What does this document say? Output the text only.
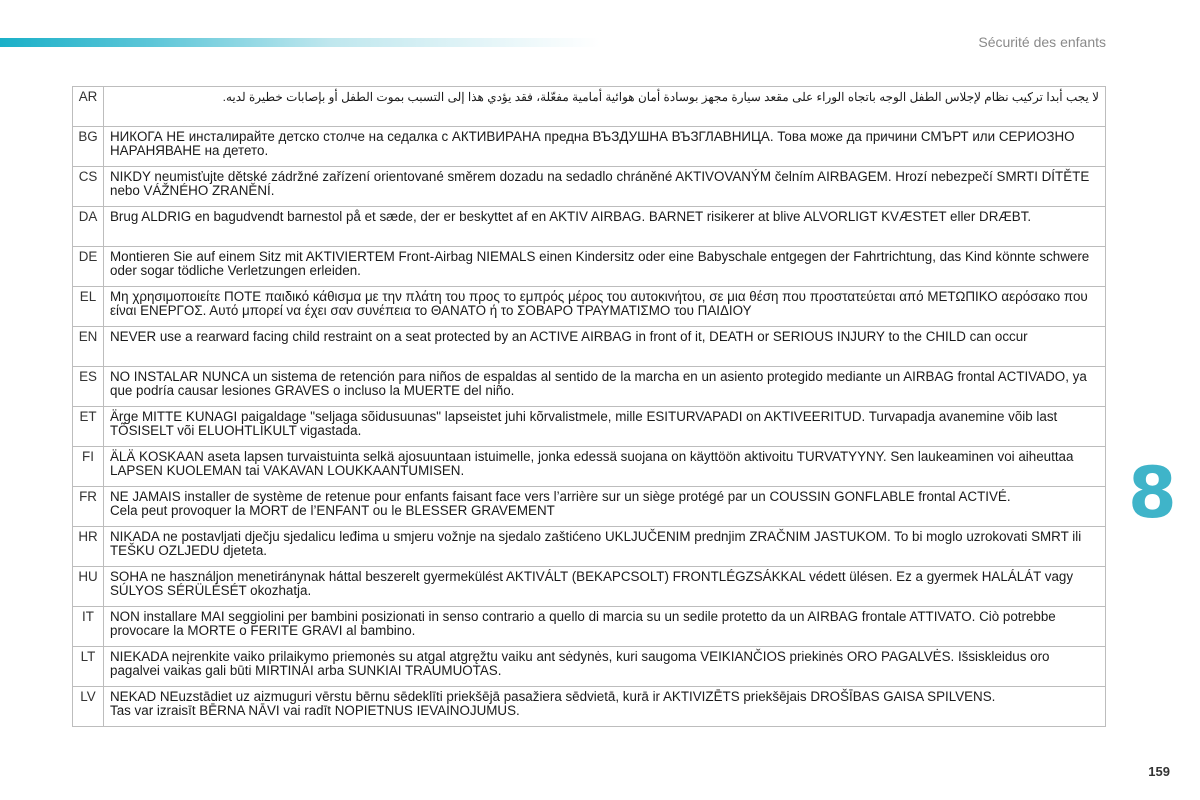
Sécurité des enfants
AR	لا يجب أبدا تركيب نظام لإجلاس الطفل الوجه باتجاه الوراء على مقعد سيارة مجهز بوسادة أمان هوائية أمامية مفعّلة، فقد يؤدي هذا إلى التسبب بموت الطفل أو بإصابات خطيرة لديه.

BG	НИКОГА НЕ инсталирайте детско столче на седалка с АКТИВИРАНА предна ВЪЗДУШНА ВЪЗГЛАВНИЦА. Това може да причини СМЪРТ или СЕРИОЗНО НАРАНЯВАНЕ на детето.

CS	NIKDY neumisťujte dětské zádržné zařízení orientované směrem dozadu na sedadlo chráněné AKTIVOVANÝM čelním AIRBAGEM. Hrozí nebezpečí SMRTI DÍTĚTE nebo VÁŽNÉHO ZRANĚNÍ.

DA	Brug ALDRIG en bagudvendt barnestol på et sæde, der er beskyttet af en AKTIV AIRBAG. BARNET risikerer at blive ALVORLIGT KVÆSTET eller DRÆBT.

DE	Montieren Sie auf einem Sitz mit AKTIVIERTEM Front-Airbag NIEMALS einen Kindersitz oder eine Babyschale entgegen der Fahrtrichtung, das Kind könnte schwere oder sogar tödliche Verletzungen erleiden.

EL	Μη χρησιμοποιείτε ΠΟΤΕ παιδικό κάθισμα με την πλάτη του προς το εμπρός μέρος του αυτοκινήτου, σε μια θέση που προστατεύεται από ΜΕΤΩΠΙΚΟ αερόσακο που είναι ΕΝΕΡΓΟΣ. Αυτό μπορεί να έχει σαν συνέπεια το ΘΑΝΑΤΟ ή το ΣΟΒΑΡΟ ΤΡΑΥΜΑΤΙΣΜΟ του ΠΑΙΔΙΟΥ

EN	NEVER use a rearward facing child restraint on a seat protected by an ACTIVE AIRBAG in front of it, DEATH or SERIOUS INJURY to the CHILD can occur

ES	NO INSTALAR NUNCA un sistema de retención para niños de espaldas al sentido de la marcha en un asiento protegido mediante un AIRBAG frontal ACTIVADO, ya que podría causar lesiones GRAVES o incluso la MUERTE del niño.

ET	Ärge MITTE KUNAGI paigaldage "seljaga sõidusuunas" lapseistet juhi kõrvalistmele, mille ESITURVAPADI on AKTIVEERITUD. Turvapadja avanemine võib last TÕSISELT või ELUOHTLIKULT vigastada.

FI	ÄLÄ KOSKAAN aseta lapsen turvaistuinta selkä ajosuuntaan istuimelle, jonka edessä suojana on käyttöön aktivoitu TURVATYYNY. Sen laukeaminen voi aiheuttaa LAPSEN KUOLEMAN tai VAKAVAN LOUKKAANTUMISEN.

FR	NE JAMAIS installer de système de retenue pour enfants faisant face vers l’arrière sur un siège protégé par un COUSSIN GONFLABLE frontal ACTIVÉ.
Cela peut provoquer la MORT de l’ENFANT ou le BLESSER GRAVEMENT

HR	NIKADA ne postavljati dječju sjedalicu leđima u smjeru vožnje na sjedalo zaštićeno UKLJUČENIM prednjim ZRAČNIM JASTUKOM. To bi moglo uzrokovati SMRT ili TEŠKU OZLJEDU djeteta.

HU	SOHA ne használjon menetiránynak háttal beszerelt gyermekülést AKTIVÁLT (BEKAPCSOLT) FRONTLÉGZSÁKKAL védett ülésen. Ez a gyermek HALÁLÁT vagy SÚLYOS SÉRÜLÉSÉT okozhatja.

IT	NON installare MAI seggiolini per bambini posizionati in senso contrario a quello di marcia su un sedile protetto da un AIRBAG frontale ATTIVATO. Ciò potrebbe provocare la MORTE o FERITE GRAVI al bambino.

LT	NIEKADA neįrenkite vaiko prilaikymo priemonės su atgal atgręžtu vaiku ant sėdynės, kuri saugoma VEIKIANČIOS priekinės ORO PAGALVĖS. Išsiskleidus oro pagalvei vaikas gali būti MIRTINAI arba SUNKIAI TRAUMUOTAS.

LV	NEKAD NEuzstādiet uz aizmuguri vērstu bērnu sēdeklīti priekšējā pasažiera sēdvietā, kurā ir AKTIVIZĒTS priekšējais DROŠĪBAS GAISA SPILVENS.
Tas var izraisīt BĒRNA NĀVI vai radīt NOPIETNUS IEVAINOJUMUS.
8
159
